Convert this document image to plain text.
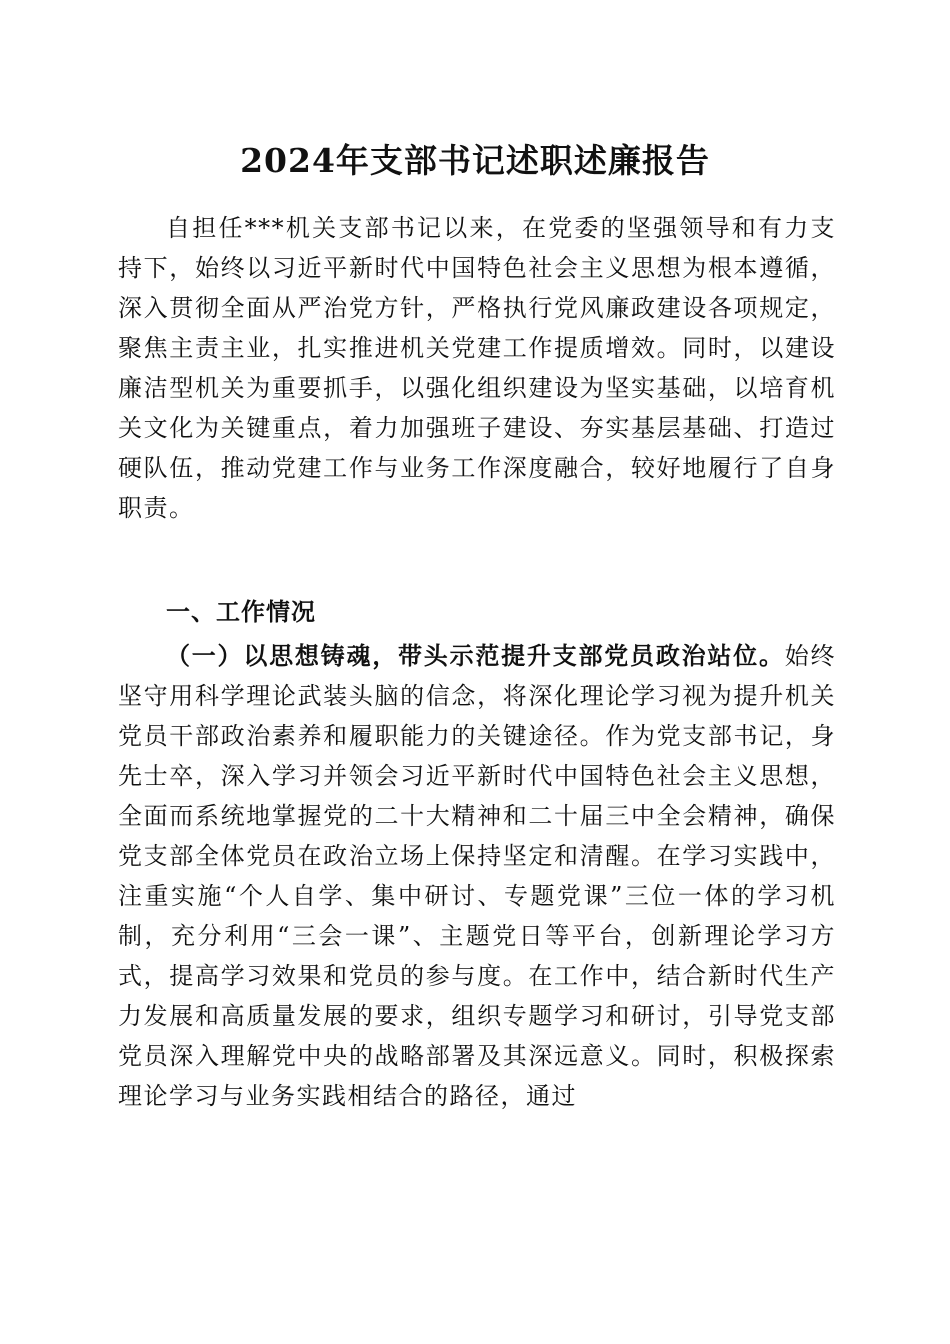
2024年支部书记述职述廉报告

自担任***机关支部书记以来，在党委的坚强领导和有力支持下，始终以习近平新时代中国特色社会主义思想为根本遵循，深入贯彻全面从严治党方针，严格执行党风廉政建设各项规定，聚焦主责主业，扎实推进机关党建工作提质增效。同时，以建设廉洁型机关为重要抓手，以强化组织建设为坚实基础，以培育机关文化为关键重点，着力加强班子建设、夯实基层基础、打造过硬队伍，推动党建工作与业务工作深度融合，较好地履行了自身职责。

一、工作情况

（一）以思想铸魂，带头示范提升支部党员政治站位。始终坚守用科学理论武装头脑的信念，将深化理论学习视为提升机关党员干部政治素养和履职能力的关键途径。作为党支部书记，身先士卒，深入学习并领会习近平新时代中国特色社会主义思想，全面而系统地掌握党的二十大精神和二十届三中全会精神，确保党支部全体党员在政治立场上保持坚定和清醒。在学习实践中，注重实施“个人自学、集中研讨、专题党课”三位一体的学习机制，充分利用“三会一课”、主题党日等平台，创新理论学习方式，提高学习效果和党员的参与度。在工作中，结合新时代生产力发展和高质量发展的要求，组织专题学习和研讨，引导党支部党员深入理解党中央的战略部署及其深远意义。同时，积极探索理论学习与业务实践相结合的路径，通过
